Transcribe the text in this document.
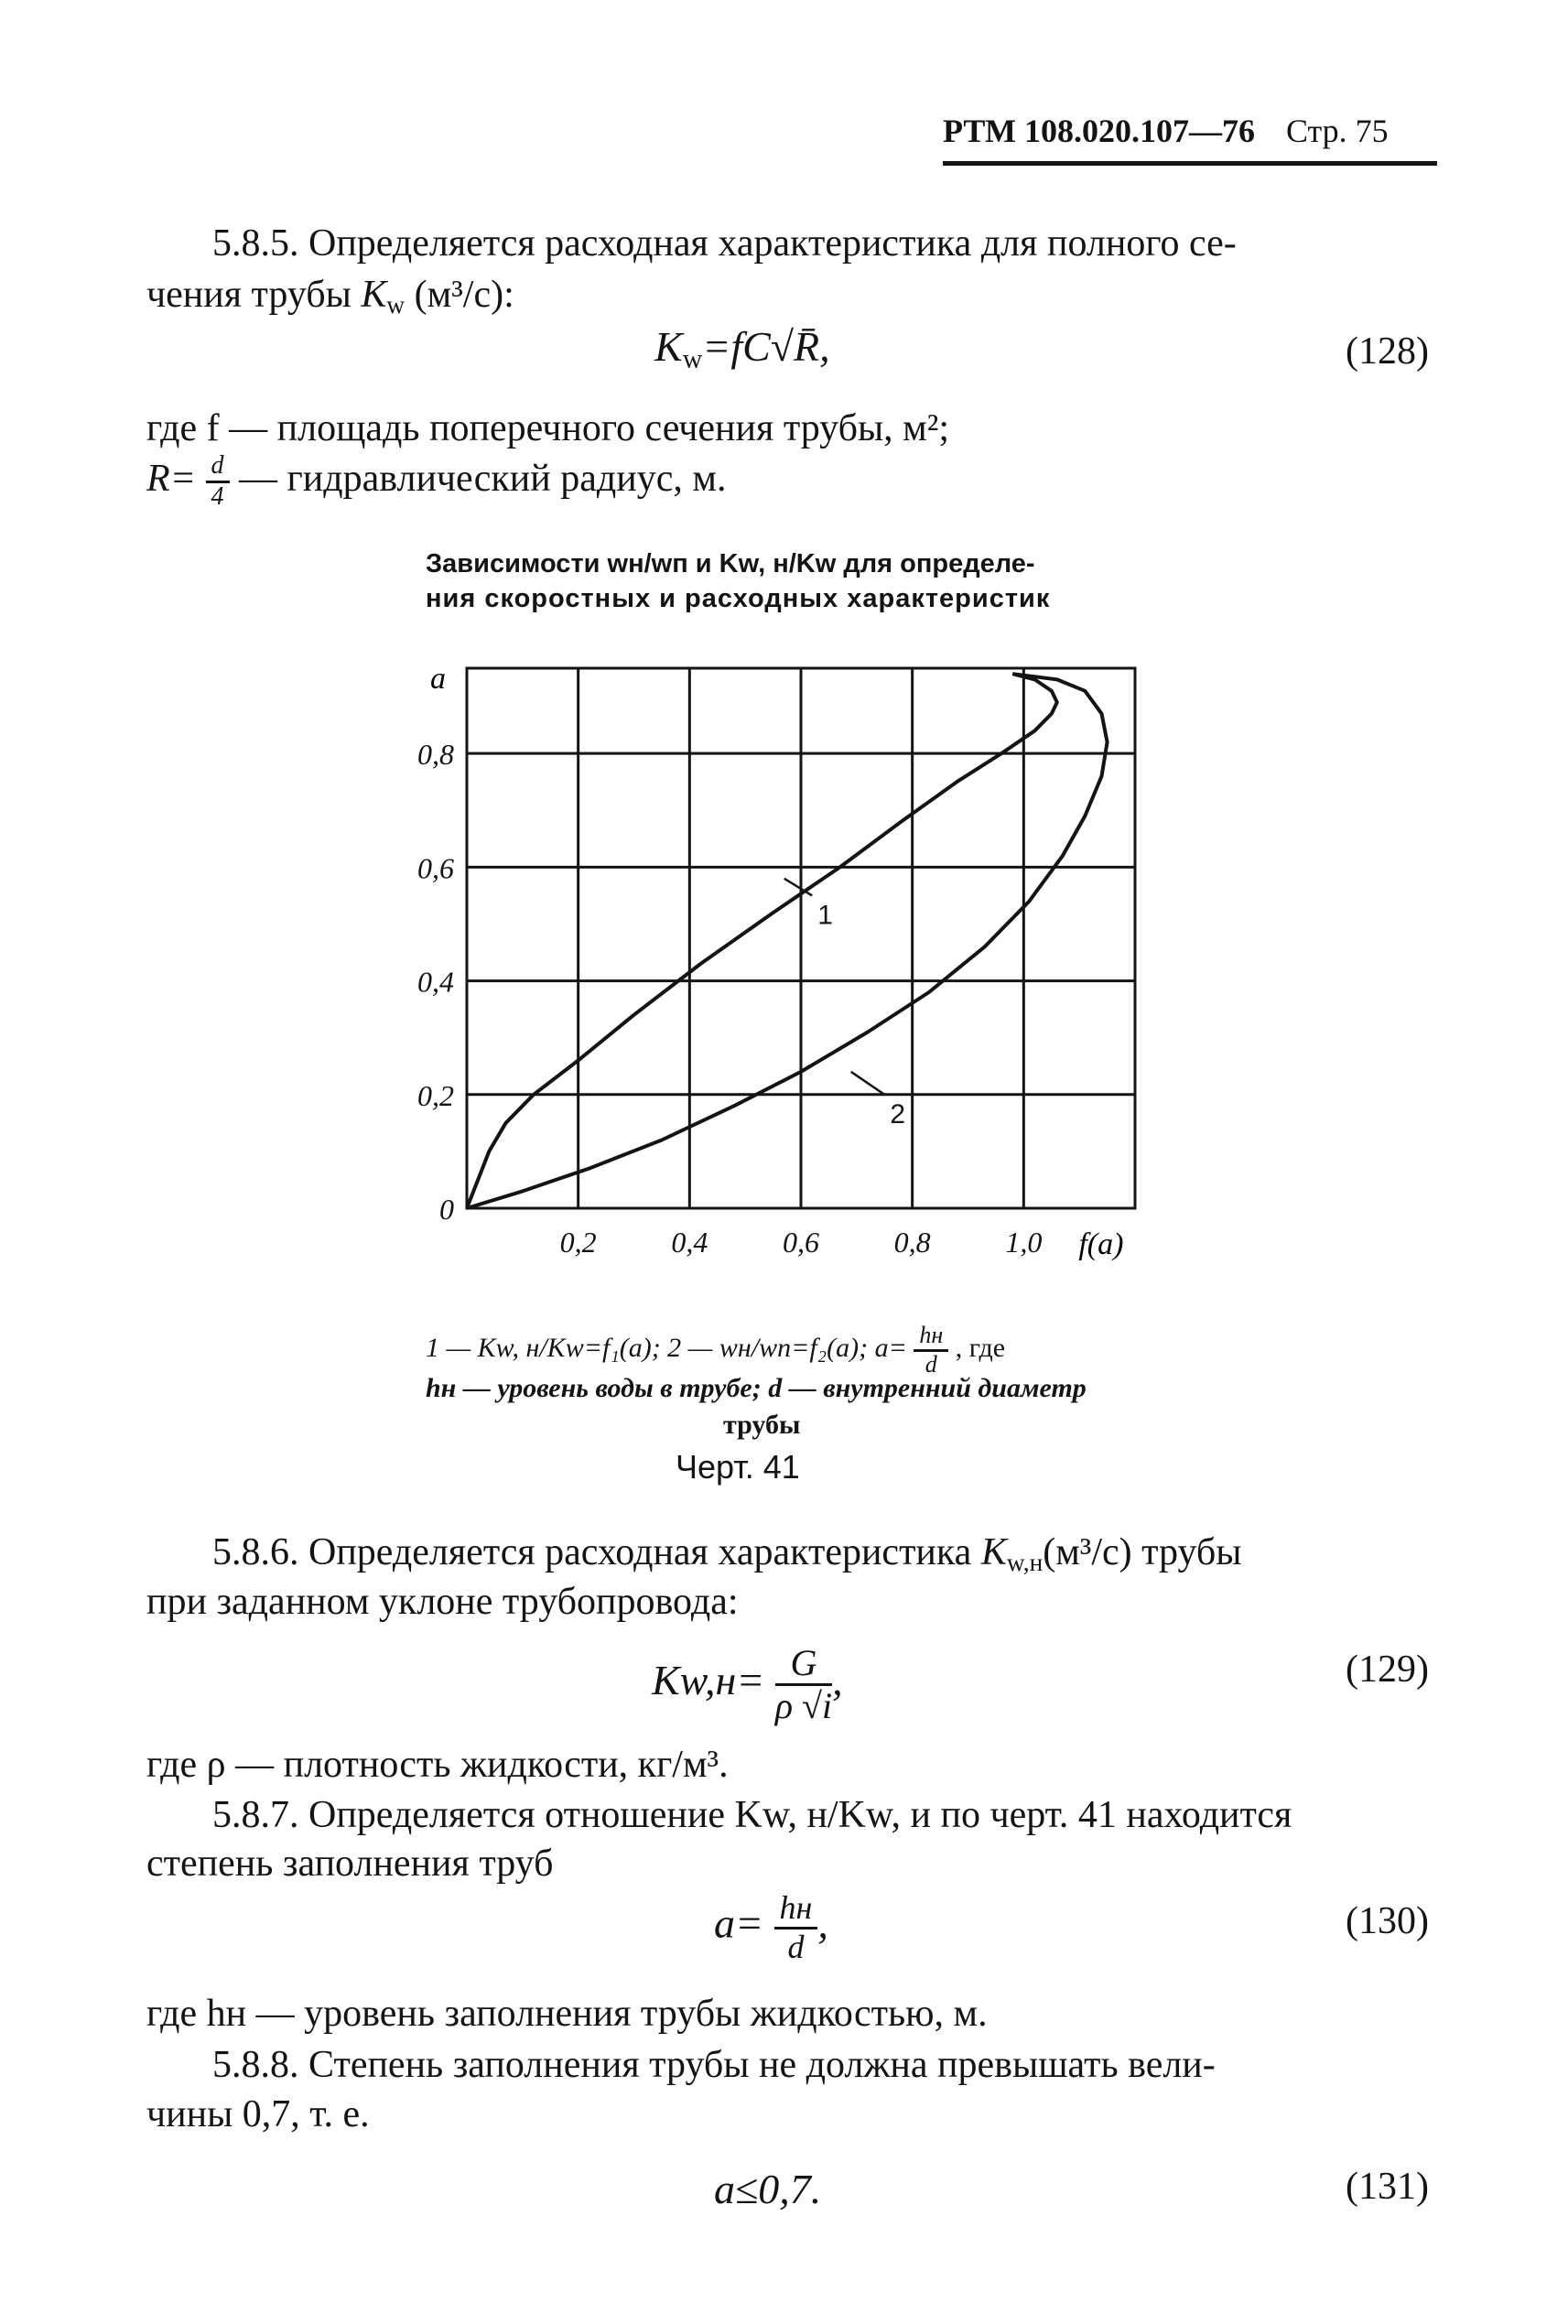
РТМ 108.020.107—76 Стр. 75
5.8.5. Определяется расходная характеристика для полного се-
чения трубы $K_w$ (м³/с):
$K_w=fC√R̄$,	(128)
где f — площадь поперечного сечения трубы, м²;
$R= \frac{d}{4}$ — гидравлический радиус, м.
Зависимости wн/wп и Kw, н/Kw для определе-
ния скоростных и расходных характеристик
1
2
0,2	0,4	0,6	0,8	1,0
0
0,2
0,4
0,6
0,8
a
f(a)
1 — Kw, н/Kw=f₁(a); 2 — wн/wп=f₂(a); $a= \frac{hн}{d}$ , где
hн — уровень воды в трубе; d — внутренний диаметр
трубы
Черт. 41
5.8.6. Определяется расходная характеристика $K_{w,н}(м^3/с)$ трубы
при заданном уклоне трубопровода:
$Kw,н= \frac{G}{\rho √i}$ ,	(129)
где ρ — плотность жидкости, кг/м³.
5.8.7. Определяется отношение Kw, н/Kw, и по черт. 41 находится
степень заполнения труб
$a= \frac{hн}{d}$ ,	(130)
где hн — уровень заполнения трубы жидкостью, м.
5.8.8. Степень заполнения трубы не должна превышать вели-
чины 0,7, т. е.
a≤0,7.	(131)
